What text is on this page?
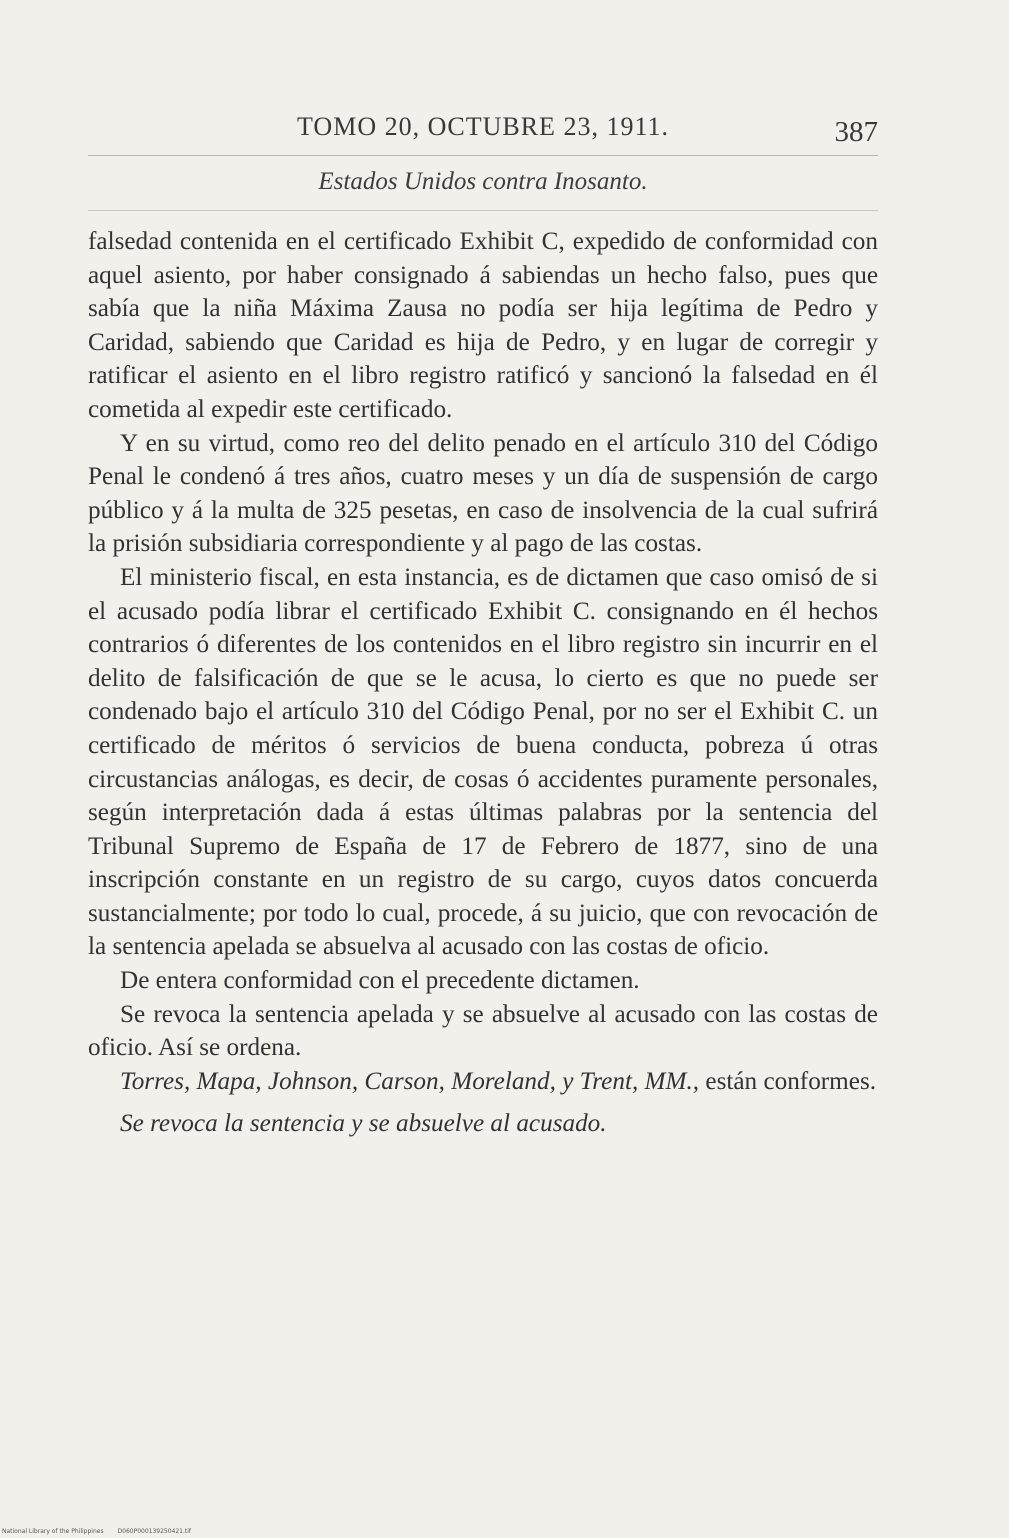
TOMO 20, OCTUBRE 23, 1911.	387
Estados Unidos contra Inosanto.

falsedad contenida en el certificado Exhibit C, expedido de conformidad con aquel asiento, por haber consignado á sabiendas un hecho falso, pues que sabía que la niña Máxima Zausa no podía ser hija legítima de Pedro y Caridad, sabiendo que Caridad es hija de Pedro, y en lugar de corregir y ratificar el asiento en el libro registro ratificó y sancionó la falsedad en él cometida al expedir este certificado.

Y en su virtud, como reo del delito penado en el artículo 310 del Código Penal le condenó á tres años, cuatro meses y un día de suspensión de cargo público y á la multa de 325 pesetas, en caso de insolvencia de la cual sufrirá la prisión subsidiaria correspondiente y al pago de las costas.

El ministerio fiscal, en esta instancia, es de dictamen que caso omisó de si el acusado podía librar el certificado Exhibit C. consignando en él hechos contrarios ó diferentes de los contenidos en el libro registro sin incurrir en el delito de falsificación de que se le acusa, lo cierto es que no puede ser condenado bajo el artículo 310 del Código Penal, por no ser el Exhibit C. un certificado de méritos ó servicios de buena conducta, pobreza ú otras circustancias análogas, es decir, de cosas ó accidentes puramente personales, según interpretación dada á estas últimas palabras por la sentencia del Tribunal Supremo de España de 17 de Febrero de 1877, sino de una inscripción constante en un registro de su cargo, cuyos datos concuerda sustancialmente; por todo lo cual, procede, á su juicio, que con revocación de la sentencia apelada se absuelva al acusado con las costas de oficio.

De entera conformidad con el precedente dictamen.

Se revoca la sentencia apelada y se absuelve al acusado con las costas de oficio. Así se ordena.

Torres, Mapa, Johnson, Carson, Moreland, y Trent, MM., están conformes.

Se revoca la sentencia y se absuelve al acusado.

National Library of the Philippines D060P000139250421.tif
